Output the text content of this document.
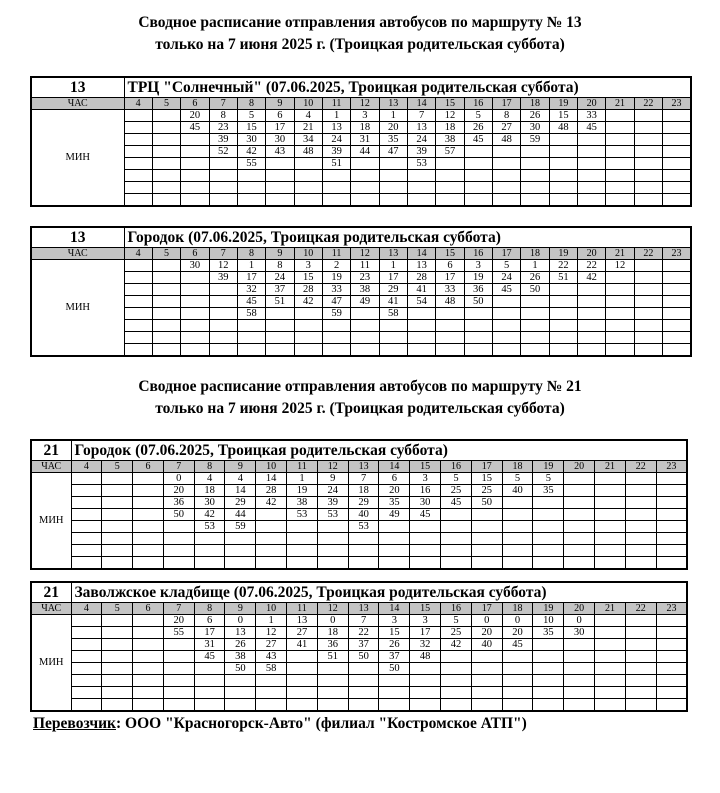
Сводное расписание отправления автобусов по маршруту № 13
только на 7 июня 2025 г. (Троицкая родительская суббота)
13	ТРЦ "Солнечный" (07.06.2025, Троицкая родительская суббота)																			
ЧАС	4	5	6	7	8	9	10	11	12	13	14	15	16	17	18	19	20	21	22	23
МИН			20	8	5	6	4	1	3	1	7	12	5	8	26	15	33			
			45	23	15	17	21	13	18	20	13	18	26	27	30	48	45			
				39	30	30	34	24	31	35	24	38	45	48	59					
				52	42	43	48	39	44	47	39	57								
					55			51			53									

13	Городок (07.06.2025, Троицкая родительская суббота)																			
ЧАС	4	5	6	7	8	9	10	11	12	13	14	15	16	17	18	19	20	21	22	23
МИН			30	12	1	8	3	2	11	1	13	6	3	5	1	22	22	12		
				39	17	24	15	19	23	17	28	17	19	24	26	51	42			
					32	37	28	33	38	29	41	33	36	45	50					
					45	51	42	47	49	41	54	48	50							
					58			59		58										

21	Городок (07.06.2025, Троицкая родительская суббота)																			
ЧАС	4	5	6	7	8	9	10	11	12	13	14	15	16	17	18	19	20	21	22	23
МИН				0	4	4	14	1	9	7	6	3	5	15	5	5				
				20	18	14	28	19	24	18	20	16	25	25	40	35				
				36	30	29	42	38	39	29	35	30	45	50						
				50	42	44		53	53	40	49	45								
					53	59				53										

21	Заволжское кладбище (07.06.2025, Троицкая родительская суббота)																			
ЧАС	4	5	6	7	8	9	10	11	12	13	14	15	16	17	18	19	20	21	22	23
МИН				20	6	0	1	13	0	7	3	3	5	0	0	10	0			
				55	17	13	12	27	18	22	15	17	25	20	20	35	30			
					31	26	27	41	36	37	26	32	42	40	45					
					45	38	43		51	50	37	48								
						50	58				50									

Сводное расписание отправления автобусов по маршруту № 21
только на 7 июня 2025 г. (Троицкая родительская суббота)
Перевозчик: ООО "Красногорск-Авто" (филиал "Костромское АТП")
